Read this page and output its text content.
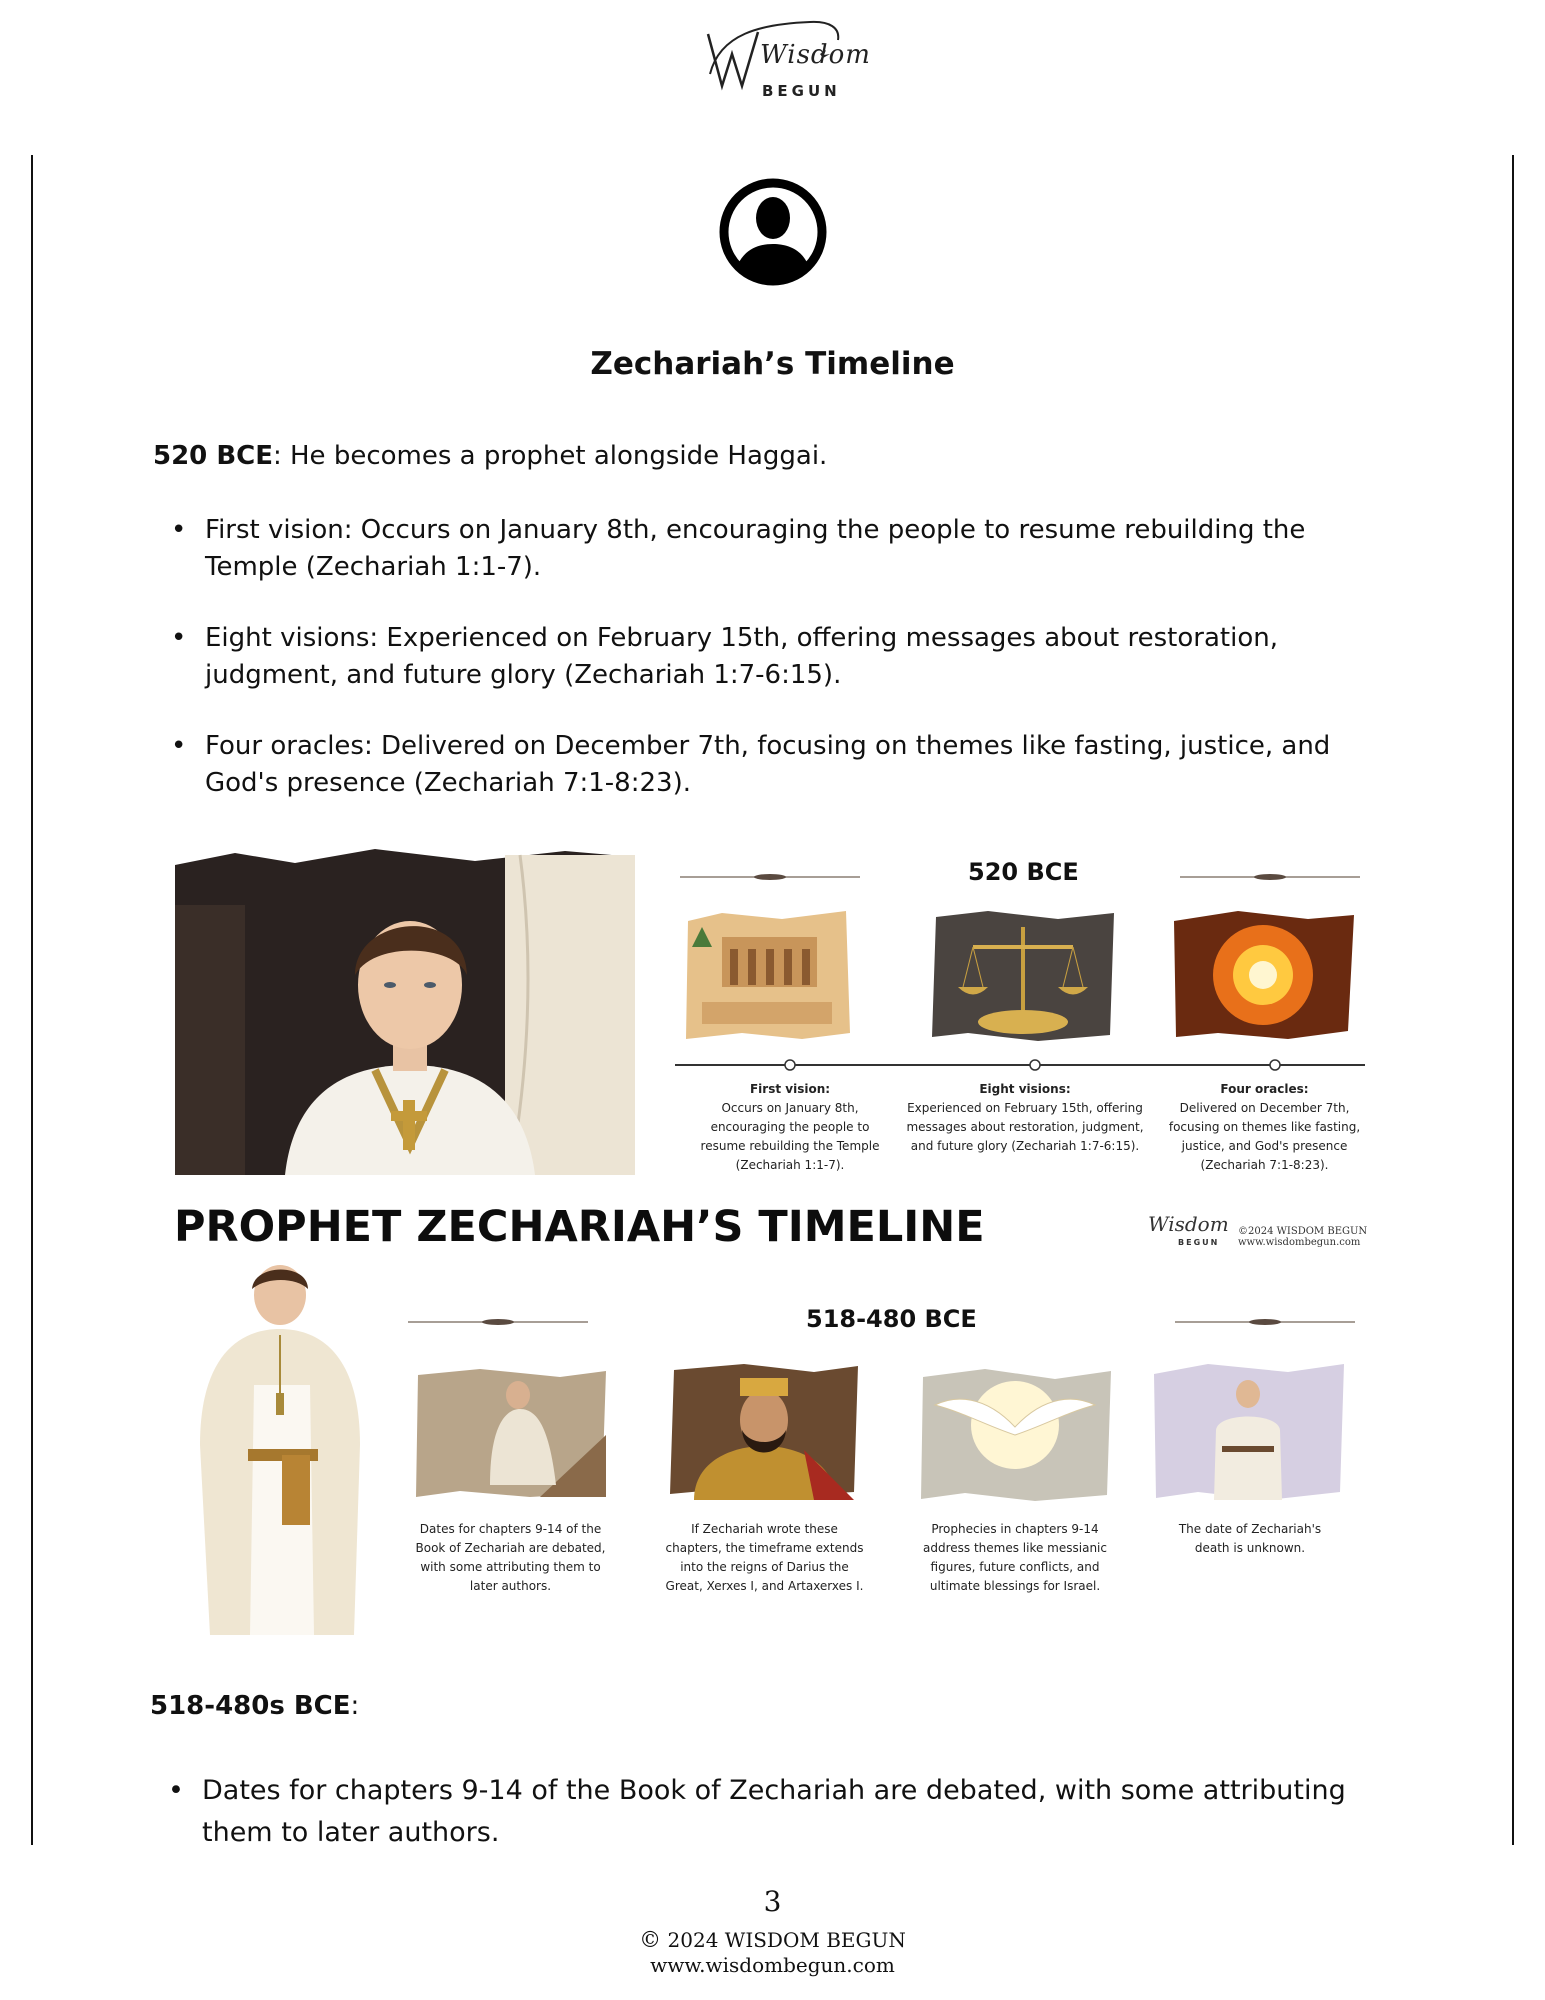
Wisdom
BEGUN
Zechariah’s Timeline
520 BCE: He becomes a prophet alongside Haggai.
• First vision: Occurs on January 8th, encouraging the people to resume rebuilding the Temple (Zechariah 1:1-7).
• Eight visions: Experienced on February 15th, offering messages about restoration, judgment, and future glory (Zechariah 1:7-6:15).
• Four oracles: Delivered on December 7th, focusing on themes like fasting, justice, and God's presence (Zechariah 7:1-8:23).
520 BCE
First vision:
Occurs on January 8th, encouraging the people to resume rebuilding the Temple (Zechariah 1:1-7).
Eight visions:
Experienced on February 15th, offering messages about restoration, judgment, and future glory (Zechariah 1:7-6:15).
Four oracles:
Delivered on December 7th, focusing on themes like fasting, justice, and God's presence (Zechariah 7:1-8:23).
PROPHET ZECHARIAH’S TIMELINE	Wisdom
BEGUN
©2024 WISDOM BEGUN
www.wisdombegun.com
518-480 BCE
Dates for chapters 9-14 of the Book of Zechariah are debated, with some attributing them to later authors.
If Zechariah wrote these chapters, the timeframe extends into the reigns of Darius the Great, Xerxes I, and Artaxerxes I.
Prophecies in chapters 9-14 address themes like messianic figures, future conflicts, and ultimate blessings for Israel.
The date of Zechariah's death is unknown.
518-480s BCE:
• Dates for chapters 9-14 of the Book of Zechariah are debated, with some attributing them to later authors.
3
© 2024 WISDOM BEGUN
www.wisdombegun.com
